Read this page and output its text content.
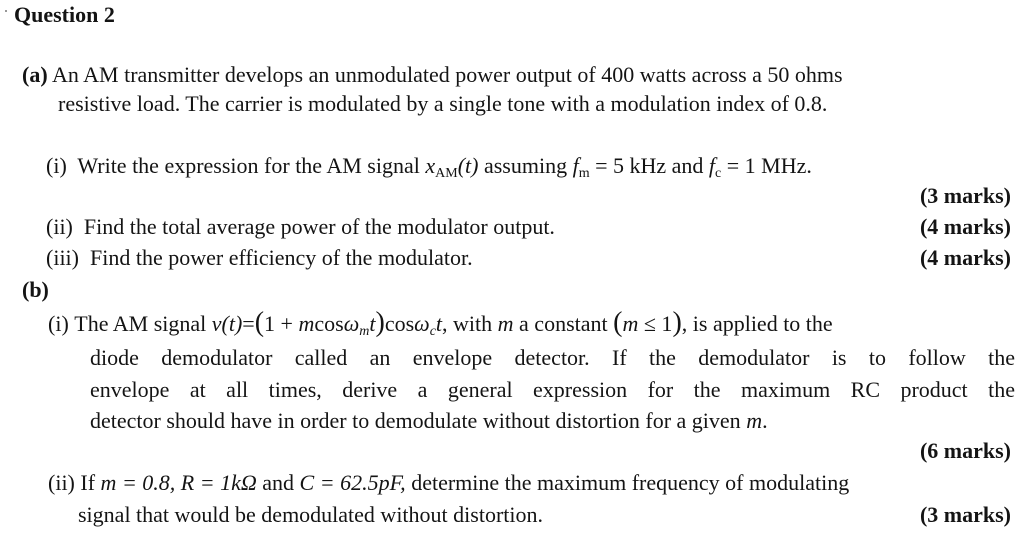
Question 2
(a) An AM transmitter develops an unmodulated power output of 400 watts across a 50 ohms
resistive load. The carrier is modulated by a single tone with a modulation index of 0.8.
(i) Write the expression for the AM signal xAM(t) assuming fm = 5 kHz and fc = 1 MHz.
(3 marks)
(ii) Find the total average power of the modulator output.	(4 marks)
(iii) Find the power efficiency of the modulator.	(4 marks)
(b)
(i) The AM signal v(t)=(1 + mcosωmt)cosωct, with m a constant (m ≤ 1), is applied to the
diode demodulator called an envelope detector. If the demodulator is to follow the
envelope at all times, derive a general expression for the maximum RC product the
detector should have in order to demodulate without distortion for a given m.
(6 marks)
(ii) If m = 0.8, R = 1kΩ and C = 62.5pF, determine the maximum frequency of modulating
signal that would be demodulated without distortion.	(3 marks)
